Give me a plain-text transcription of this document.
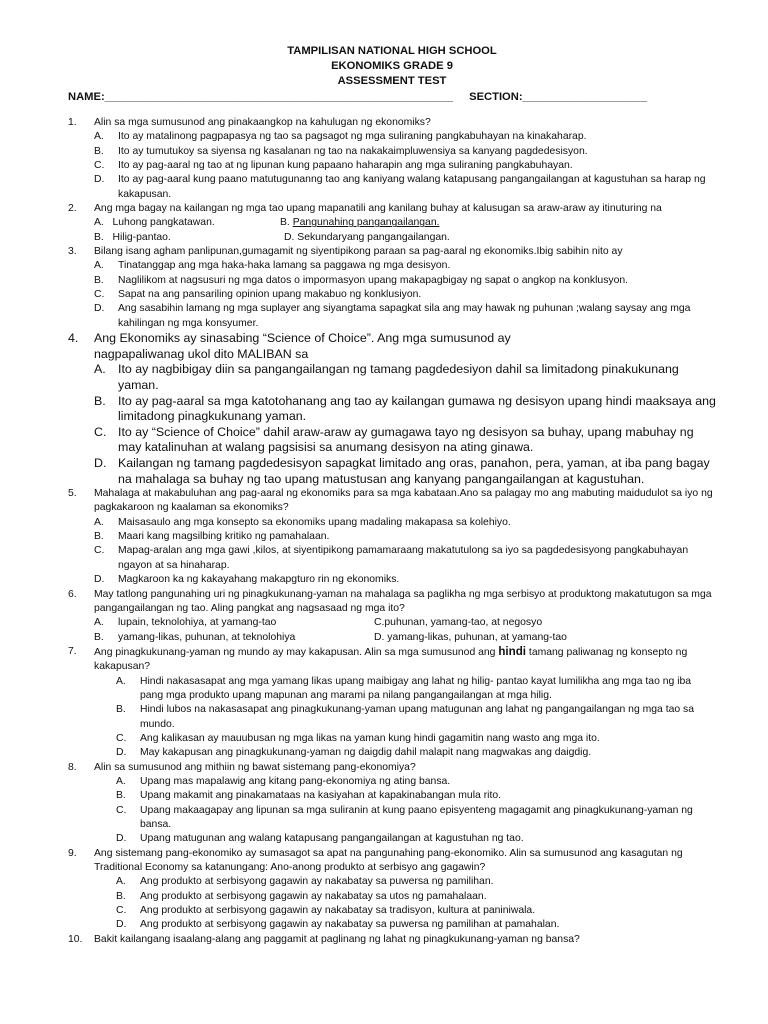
TAMPILISAN NATIONAL HIGH SCHOOL
EKONOMIKS GRADE 9
ASSESSMENT TEST
NAME:________________________________________________________ SECTION:____________________
1.	Alin sa mga sumusunod ang pinakaangkop na kahulugan ng ekonomiks?
A.	Ito ay matalinong pagpapasya ng tao sa pagsagot ng mga suliraning pangkabuhayan na kinakaharap.
B.	Ito ay tumutukoy sa siyensa ng kasalanan ng tao na nakakaimpluwensiya sa kanyang pagdedesisyon.
C.	Ito ay pag-aaral ng tao at ng lipunan kung papaano haharapin ang mga suliraning pangkabuhayan.
D.	Ito ay pag-aaral kung paano matutugunanng tao ang kaniyang walang katapusang pangangailangan at kagustuhan sa harap ng kakapusan.
2.	Ang mga bagay na kailangan ng mga tao upang mapanatili ang kanilang buhay at kalusugan sa araw-araw ay itinuturing na
A.   Luhong pangkatawan.	B. Pangunahing pangangailangan.
B.   Hilig-pantao.	D. Sekundaryang pangangailangan.
3.	Bilang isang agham panlipunan,gumagamit ng siyentipikong paraan sa pag-aaral ng ekonomiks.Ibig sabihin nito ay
A.	Tinatanggap ang mga haka-haka lamang sa paggawa ng mga desisyon.
B.	Naglilikom at nagsusuri ng mga datos o impormasyon upang makapagbigay ng sapat o angkop na konklusyon.
C.	Sapat na ang pansariling opinion upang makabuo ng konklusiyon.
D.	Ang sasabihin lamang ng mga suplayer ang siyangtama sapagkat sila ang may hawak ng puhunan ;walang saysay ang mga kahilingan ng mga konsyumer.
4.	Ang Ekonomiks ay sinasabing “Science of Choice”. Ang mga sumusunod ay nagpapaliwanag ukol dito MALIBAN sa
A. Ito ay nagbibigay diin sa pangangailangan ng tamang pagdedesiyon dahil sa limitadong pinakukunang yaman.
B. Ito ay pag-aaral sa mga katotohanang ang tao ay kailangan gumawa ng desisyon upang hindi maaksaya ang limitadong pinagkukunang yaman.
C. Ito ay “Science of Choice” dahil araw-araw ay gumagawa tayo ng desisyon sa buhay, upang mabuhay ng may katalinuhan at walang pagsisisi sa anumang desisyon na ating ginawa.
D. Kailangan ng tamang pagdedesisyon sapagkat limitado ang oras, panahon, pera, yaman, at iba pang bagay na mahalaga sa buhay ng tao upang matustusan ang kanyang pangangailangan at kagustuhan.
5.	Mahalaga at makabuluhan ang pag-aaral ng ekonomiks para sa mga kabataan.Ano sa palagay mo ang mabuting maidudulot sa iyo ng pagkakaroon ng kaalaman sa ekonomiks?
A.	Maisasaulo ang mga konsepto sa ekonomiks upang madaling makapasa sa kolehiyo.
B.	Maari kang magsilbing kritiko ng pamahalaan.
C.	Mapag-aralan ang mga gawi ,kilos, at siyentipikong pamamaraang makatutulong sa iyo sa pagdedesisyong pangkabuhayan ngayon at sa hinaharap.
D.	Magkaroon ka ng kakayahang makapgturo rin ng ekonomiks.
6.	May tatlong pangunahing uri ng pinagkukunang-yaman na mahalaga sa paglikha ng mga serbisyo at produktong makatutugon sa mga pangangailangan ng tao. Aling pangkat ang nagsasaad ng mga ito?
A.	lupain, teknolohiya, at yamang-tao	C.puhunan, yamang-tao, at negosyo
B.	yamang-likas, puhunan, at teknolohiya	D. yamang-likas, puhunan, at yamang-tao
7.	Ang pinagkukunang-yaman ng mundo ay may kakapusan. Alin sa mga sumusunod ang hindi tamang paliwanag ng konsepto ng kakapusan?
A.	Hindi nakasasapat ang mga yamang likas upang maibigay ang lahat ng hilig- pantao kayat lumilikha ang mga tao ng iba pang mga produkto upang mapunan ang marami pa nilang pangangailangan at mga hilig.
B.	Hindi lubos na nakasasapat ang pinagkukunang-yaman upang matugunan ang lahat ng pangangailangan ng mga tao sa mundo.
C.	Ang kalikasan ay mauubusan ng mga likas na yaman kung hindi gagamitin nang wasto ang mga ito.
D.	May kakapusan ang pinagkukunang-yaman ng daigdig dahil malapit nang magwakas ang daigdig.
8.	Alin sa sumusunod ang mithiin ng bawat sistemang pang-ekonomiya?
A.	Upang mas mapalawig ang kitang pang-ekonomiya ng ating bansa.
B.	Upang makamit ang pinakamataas na kasiyahan at kapakinabangan mula rito.
C.	Upang makaagapay ang lipunan sa mga suliranin at kung paano episyenteng magagamit ang pinagkukunang-yaman ng bansa.
D.	Upang matugunan ang walang katapusang pangangailangan at kagustuhan ng tao.
9.	Ang sistemang pang-ekonomiko ay sumasagot sa apat na pangunahing pang-ekonomiko. Alin sa sumusunod ang kasagutan ng Traditional Economy sa katanungang: Ano-anong produkto at serbisyo ang gagawin?
A.	Ang produkto at serbisyong gagawin ay nakabatay sa puwersa ng pamilihan.
B.	Ang produkto at serbisyong gagawin ay nakabatay sa utos ng pamahalaan.
C.	Ang produkto at serbisyong gagawin ay nakabatay sa tradisyon, kultura at paniniwala.
D.	Ang produkto at serbisyong gagawin ay nakabatay sa puwersa ng pamilihan at pamahalan.
10.	Bakit kailangang isaalang-alang ang paggamit at paglinang ng lahat ng pinagkukunang-yaman ng bansa?
